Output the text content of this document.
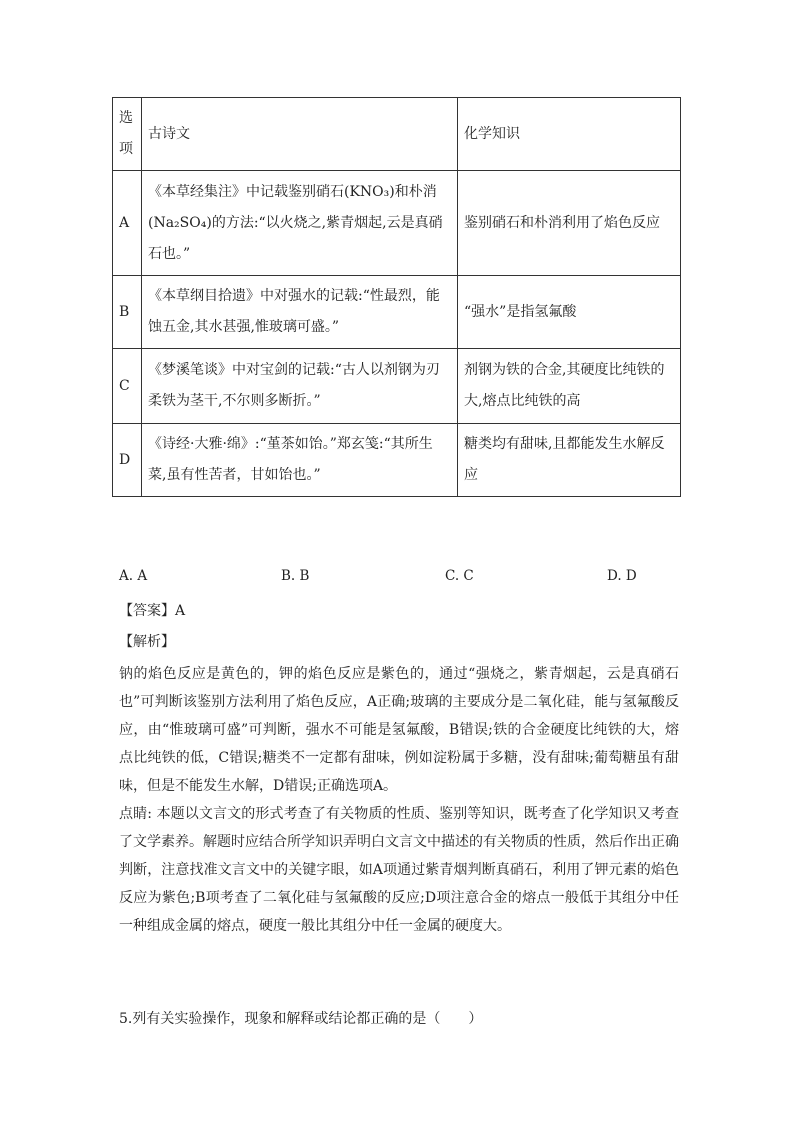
选项	古诗文	化学知识
A	《本草经集注》中记载鉴别硝石(KNO₃)和朴消(Na₂SO₄)的方法:“以火烧之,紫青烟起,云是真硝石也。”	鉴别硝石和朴消利用了焰色反应
B	《本草纲目拾遗》中对强水的记载:“性最烈，能蚀五金,其水甚强,惟玻璃可盛。”	“强水”是指氢氟酸
C	《梦溪笔谈》中对宝剑的记载:“古人以剂钢为刃柔铁为茎干,不尔则多断折。”	剂钢为铁的合金,其硬度比纯铁的大,熔点比纯铁的高
D	《诗经·大雅·绵》:“堇茶如饴。”郑玄笺:“其所生菜,虽有性苦者，甘如饴也。”	糖类均有甜味,且都能发生水解反应
A. A	B. B	C. C	D. D
【答案】A
【解析】

钠的焰色反应是黄色的，钾的焰色反应是紫色的，通过“强烧之，紫青烟起，云是真硝石也”可判断该鉴别方法利用了焰色反应，A正确;玻璃的主要成分是二氧化硅，能与氢氟酸反应，由“惟玻璃可盛”可判断，强水不可能是氢氟酸，B错误;铁的合金硬度比纯铁的大，熔点比纯铁的低，C错误;糖类不一定都有甜味，例如淀粉属于多糖，没有甜味;葡萄糖虽有甜味，但是不能发生水解，D错误;正确选项A。

点睛: 本题以文言文的形式考查了有关物质的性质、鉴别等知识，既考查了化学知识又考查了文学素养。解题时应结合所学知识弄明白文言文中描述的有关物质的性质，然后作出正确判断，注意找准文言文中的关键字眼，如A项通过紫青烟判断真硝石，利用了钾元素的焰色反应为紫色;B项考查了二氧化硅与氢氟酸的反应;D项注意合金的熔点一般低于其组分中任一种组成金属的熔点，硬度一般比其组分中任一金属的硬度大。

5.列有关实验操作，现象和解释或结论都正确的是（　　）
